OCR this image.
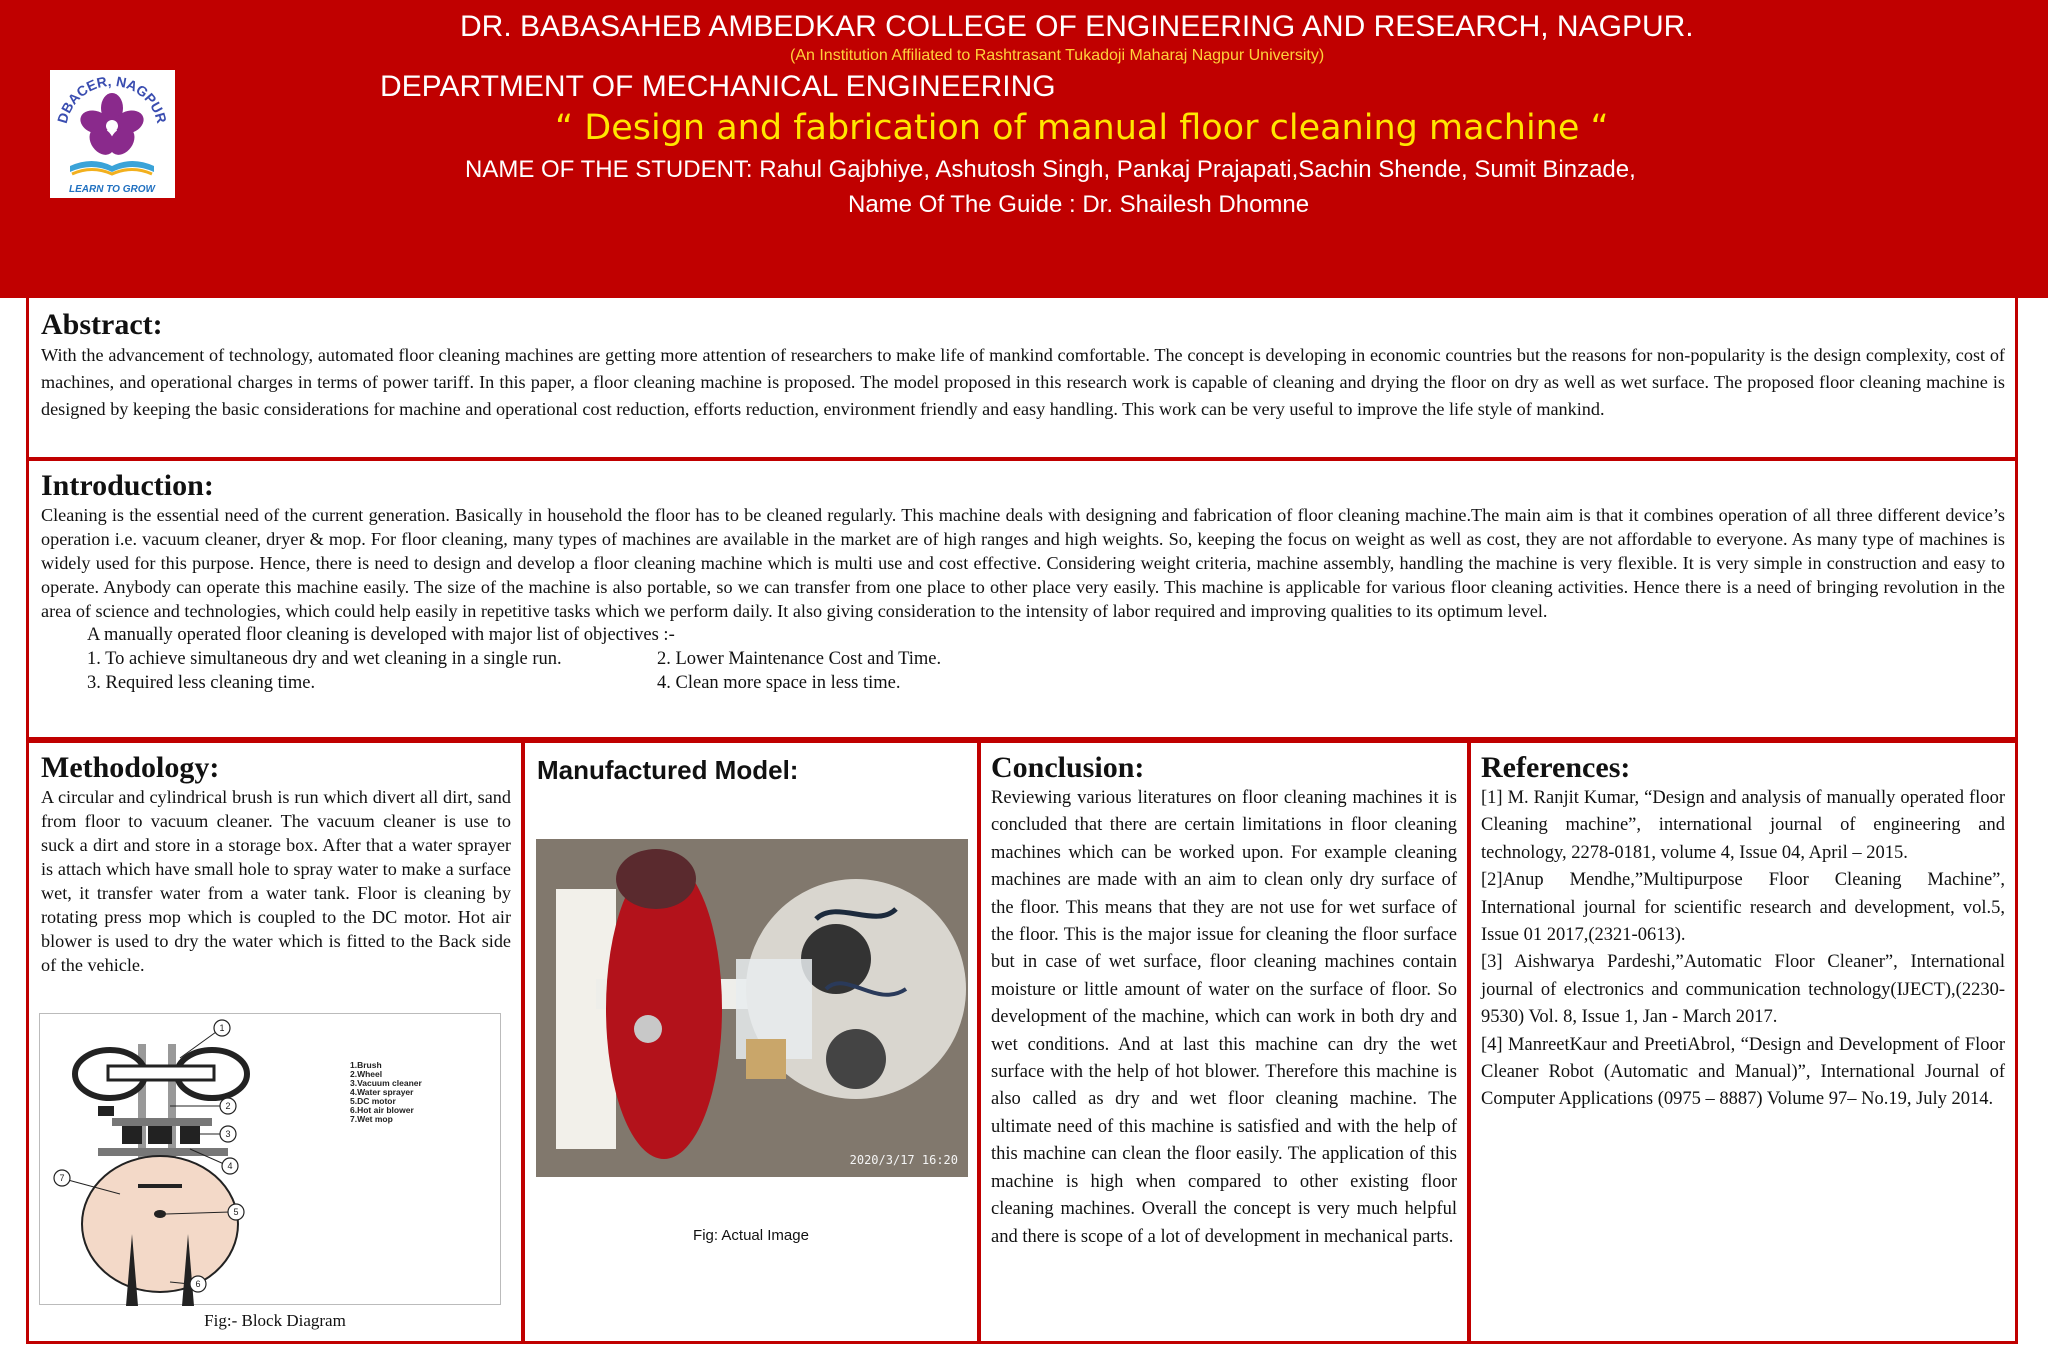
DBACER, NAGPUR
LEARN TO GROW
DR. BABASAHEB AMBEDKAR COLLEGE OF ENGINEERING AND RESEARCH, NAGPUR.
(An Institution Affiliated to Rashtrasant Tukadoji Maharaj Nagpur University)
DEPARTMENT OF MECHANICAL ENGINEERING
“ Design and fabrication of manual floor cleaning machine “
NAME OF THE STUDENT: Rahul Gajbhiye, Ashutosh Singh, Pankaj Prajapati,Sachin Shende, Sumit Binzade,
Name Of The Guide : Dr. Shailesh Dhomne
Abstract:
With the advancement of technology, automated floor cleaning machines are getting more attention of researchers to make life of mankind comfortable. The concept is developing in economic countries but the reasons for non-popularity is the design complexity, cost of machines, and operational charges in terms of power tariff. In this paper, a floor cleaning machine is proposed. The model proposed in this research work is capable of cleaning and drying the floor on dry as well as wet surface. The proposed floor cleaning machine is designed by keeping the basic considerations for machine and operational cost reduction, efforts reduction, environment friendly and easy handling. This work can be very useful to improve the life style of mankind.
Introduction:
Cleaning is the essential need of the current generation. Basically in household the floor has to be cleaned regularly. This machine deals with designing and fabrication of floor cleaning machine.The main aim is that it combines operation of all three different device’s operation i.e. vacuum cleaner, dryer & mop. For floor cleaning, many types of machines are available in the market are of high ranges and high weights. So, keeping the focus on weight as well as cost, they are not affordable to everyone. As many type of machines is widely used for this purpose. Hence, there is need to design and develop a floor cleaning machine which is multi use and cost effective. Considering weight criteria, machine assembly, handling the machine is very flexible. It is very simple in construction and easy to operate. Anybody can operate this machine easily. The size of the machine is also portable, so we can transfer from one place to other place very easily. This machine is applicable for various floor cleaning activities. Hence there is a need of bringing revolution in the area of science and technologies, which could help easily in repetitive tasks which we perform daily. It also giving consideration to the intensity of labor required and improving qualities to its optimum level.
A manually operated floor cleaning is developed with major list of objectives :-
1. To achieve simultaneous dry and wet cleaning in a single run.	2. Lower Maintenance Cost and Time.
3. Required less cleaning time.	4. Clean more space in less time.
Methodology:
A circular and cylindrical brush is run which divert all dirt, sand from floor to vacuum cleaner. The vacuum cleaner is use to suck a dirt and store in a storage box. After that a water sprayer is attach which have small hole to spray water to make a surface wet, it transfer water from a water tank. Floor is cleaning by rotating press mop which is coupled to the DC motor. Hot air blower is used to dry the water which is fitted to the Back side of the vehicle.
1
2
3
4
5
6
7
1.Brush
2.Wheel
3.Vacuum cleaner
4.Water sprayer
5.DC motor
6.Hot air blower
7.Wet mop
Fig:- Block Diagram
Manufactured Model:
2020/3/17 16:20
Fig: Actual Image
Conclusion:
Reviewing various literatures on floor cleaning machines it is concluded that there are certain limitations in floor cleaning machines which can be worked upon. For example cleaning machines are made with an aim to clean only dry surface of the floor. This means that they are not use for wet surface of the floor. This is the major issue for cleaning the floor surface but in case of wet surface, floor cleaning machines contain moisture or little amount of water on the surface of floor. So development of the machine, which can work in both dry and wet conditions. And at last this machine can dry the wet surface with the help of hot blower. Therefore this machine is also called as dry and wet floor cleaning machine. The ultimate need of this machine is satisfied and with the help of this machine can clean the floor easily. The application of this machine is high when compared to other existing floor cleaning machines. Overall the concept is very much helpful and there is scope of a lot of development in mechanical parts.
References:

[1] M. Ranjit Kumar, “Design and analysis of manually operated floor Cleaning machine”, international journal of engineering and technology, 2278-0181, volume 4, Issue 04, April – 2015.

[2]Anup Mendhe,”Multipurpose Floor Cleaning Machine”, International journal for scientific research and development, vol.5, Issue 01 2017,(2321-0613).

[3] Aishwarya Pardeshi,”Automatic Floor Cleaner”, International journal of electronics and communication technology(IJECT),(2230-9530) Vol. 8, Issue 1, Jan - March 2017.

[4] ManreetKaur and PreetiAbrol, “Design and Development of Floor Cleaner Robot (Automatic and Manual)”, International Journal of Computer Applications (0975 – 8887) Volume 97– No.19, July 2014.
